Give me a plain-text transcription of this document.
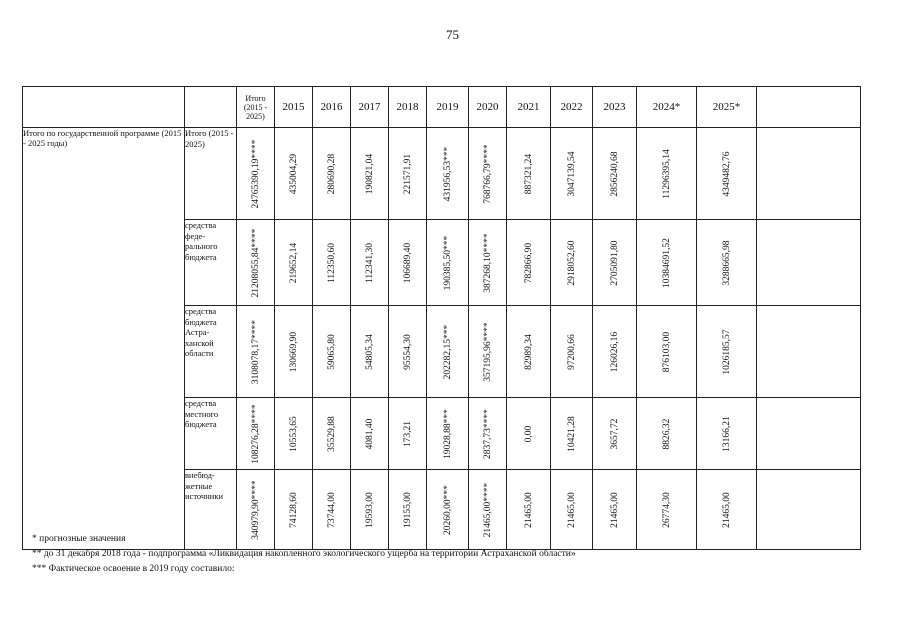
75
		Итого (2015 - 2025)	2015	2016	2017	2018	2019	2020	2021	2022	2023	2024*	2025*	
Итого по государственной программе (2015 - 2025 годы)	Итого (2015 - 2025)	24765390,19****	435004,29	280690,28	190821,04	221571,91	431956,53***	768766,79****	887321,24	3047139,54	2856240,68	11296395,14	4349482,76	

	средства феде-рального бюджета	21208055,84****	219652,14	112350,60	112341,30	106689,40	190385,50***	387268,10****	782866,90	2918052,60	2705091,80	10384691,52	3288665,98	

	средства бюджета Астра-ханской области	3108078,17****	130669,90	59065,80	54805,34	95554,30	202282,15***	357195,96****	82989,34	97200,66	126026,16	876103,00	1026185,57	

	средства местного бюджета	108276,28****	10553,65	35529,88	4081,40	173,21	19028,88***	2837,73****	0,00	10421,28	3657,72	8826,32	13166,21	

	внебюд-жетные источники	340979,90****	74128,60	73744,00	19593,00	19155,00	20260,00***	21465,00****	21465,00	21465,00	21465,00	26774,30	21465,00	

* прогнозные значения
** до 31 декабря 2018 года - подпрограмма «Ликвидация накопленного экологического ущерба на территории Астраханской области»
*** Фактическое освоение в 2019 году составило:
